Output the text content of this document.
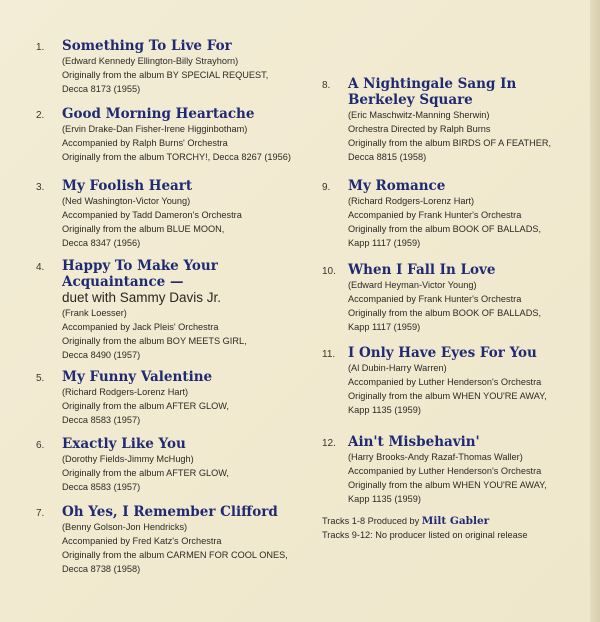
1. Something To Live For
(Edward Kennedy Ellington-Billy Strayhorn)
Originally from the album BY SPECIAL REQUEST,
Decca 8173 (1955)
2. Good Morning Heartache
(Ervin Drake-Dan Fisher-Irene Higginbotham)
Accompanied by Ralph Burns' Orchestra
Originally from the album TORCHY!, Decca 8267 (1956)
3. My Foolish Heart
(Ned Washington-Victor Young)
Accompanied by Tadd Dameron's Orchestra
Originally from the album BLUE MOON,
Decca 8347 (1956)
4. Happy To Make Your
Acquaintance —
duet with Sammy Davis Jr.
(Frank Loesser)
Accompanied by Jack Pleis' Orchestra
Originally from the album BOY MEETS GIRL,
Decca 8490 (1957)
5. My Funny Valentine
(Richard Rodgers-Lorenz Hart)
Originally from the album AFTER GLOW,
Decca 8583 (1957)
6. Exactly Like You
(Dorothy Fields-Jimmy McHugh)
Originally from the album AFTER GLOW,
Decca 8583 (1957)
7. Oh Yes, I Remember Clifford
(Benny Golson-Jon Hendricks)
Accompanied by Fred Katz's Orchestra
Originally from the album CARMEN FOR COOL ONES,
Decca 8738 (1958)
8. A Nightingale Sang In
Berkeley Square
(Eric Maschwitz-Manning Sherwin)
Orchestra Directed by Ralph Burns
Originally from the album BIRDS OF A FEATHER,
Decca 8815 (1958)
9. My Romance
(Richard Rodgers-Lorenz Hart)
Accompanied by Frank Hunter's Orchestra
Originally from the album BOOK OF BALLADS,
Kapp 1117 (1959)
10. When I Fall In Love
(Edward Heyman-Victor Young)
Accompanied by Frank Hunter's Orchestra
Originally from the album BOOK OF BALLADS,
Kapp 1117 (1959)
11. I Only Have Eyes For You
(Al Dubin-Harry Warren)
Accompanied by Luther Henderson's Orchestra
Originally from the album WHEN YOU'RE AWAY,
Kapp 1135 (1959)
12. Ain't Misbehavin'
(Harry Brooks-Andy Razaf-Thomas Waller)
Accompanied by Luther Henderson's Orchestra
Originally from the album WHEN YOU'RE AWAY,
Kapp 1135 (1959)
Tracks 1-8 Produced by Milt Gabler
Tracks 9-12: No producer listed on original release
